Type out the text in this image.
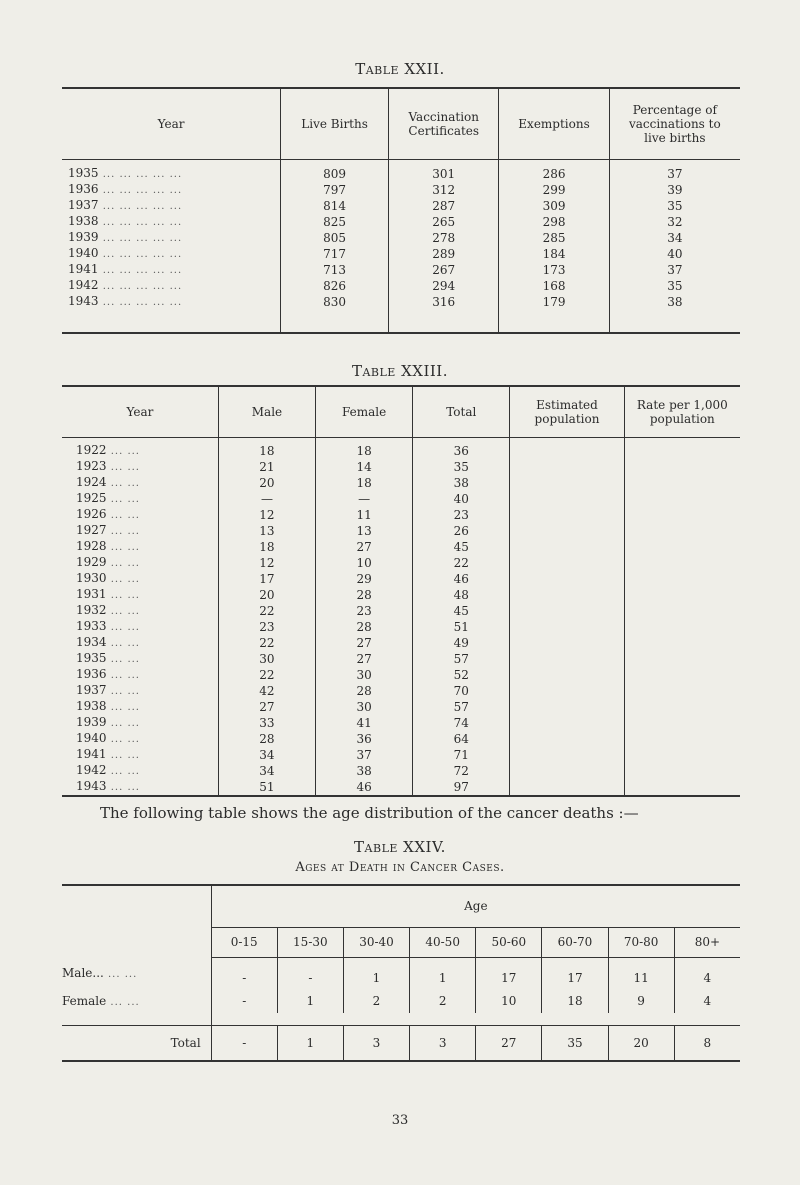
Table XXII.
Year	Live Births	Vaccination Certificates	Exemptions	Percentage of vaccinations to live births
1935 ... ... ... ... ...	809	301	286	37
1936 ... ... ... ... ...	797	312	299	39
1937 ... ... ... ... ...	814	287	309	35
1938 ... ... ... ... ...	825	265	298	32
1939 ... ... ... ... ...	805	278	285	34
1940 ... ... ... ... ...	717	289	184	40
1941 ... ... ... ... ...	713	267	173	37
1942 ... ... ... ... ...	826	294	168	35
1943 ... ... ... ... ...	830	316	179	38
Table XXIII.
Year	Male	Female	Total	Estimated population	Rate per 1,000 population
1922 ... ...	18	18	36		
1923 ... ...	21	14	35		
1924 ... ...	20	18	38		
1925 ... ...	—	—	40		
1926 ... ...	12	11	23		
1927 ... ...	13	13	26		
1928 ... ...	18	27	45		
1929 ... ...	12	10	22		
1930 ... ...	17	29	46		
1931 ... ...	20	28	48		
1932 ... ...	22	23	45		
1933 ... ...	23	28	51		
1934 ... ...	22	27	49		
1935 ... ...	30	27	57		
1936 ... ...	22	30	52		
1937 ... ...	42	28	70		
1938 ... ...	27	30	57		
1939 ... ...	33	41	74		
1940 ... ...	28	36	64		
1941 ... ...	34	37	71		
1942 ... ...	34	38	72		
1943 ... ...	51	46	97		
The following table shows the age distribution of the cancer deaths :—
Table XXIV.
Ages at Death in Cancer Cases.
	Age							
	0-15	15-30	30-40	40-50	50-60	60-70	70-80	80+
Male... ... ...	-	-	1	1	17	17	11	4
Female ... ...	-	1	2	2	10	18	9	4

Total	-	1	3	3	27	35	20	8
33
